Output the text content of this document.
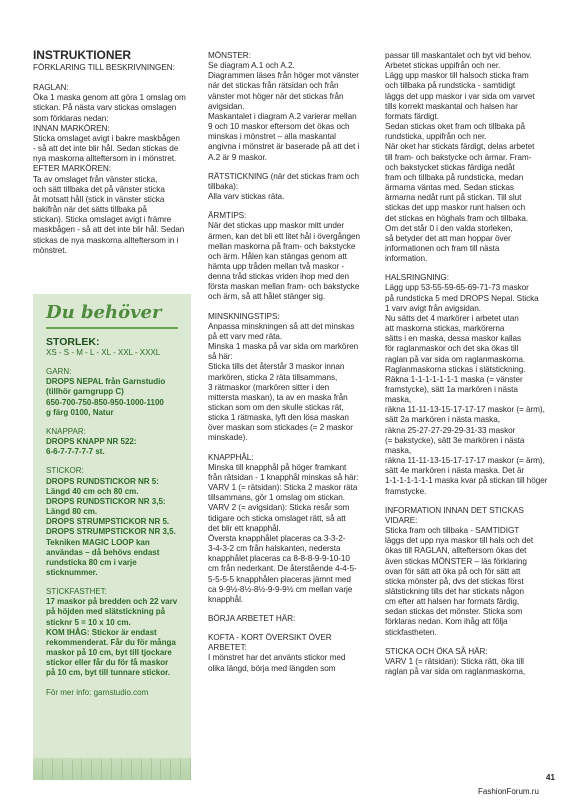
INSTRUKTIONER
FÖRKLARING TILL BESKRIVNINGEN:
RAGLAN:
Öka 1 maska genom att göra 1 omslag om
stickan. På nästa varv stickas omslagen
som förklaras nedan:
INNAN MARKÖREN:
Sticka omslaget avigt i bakre maskbågen
- så att det inte blir hål. Sedan stickas de
nya maskorna allteftersom in i mönstret.
EFTER MARKÖREN:
Ta av omslaget från vänster sticka,
och sätt tillbaka det på vänster sticka
åt motsatt håll (stick in vänster sticka
bakifrån när det sätts tillbaka på
stickan). Sticka omslaget avigt i främre
maskbågen - så att det inte blir hål. Sedan
stickas de nya maskorna allteftersom in i
mönstret.
Du behöver
STORLEK:
XS - S - M - L - XL - XXL - XXXL
GARN:
DROPS NEPAL från Garnstudio
(tillhör garngrupp C)
650-700-750-850-950-1000-1100
g färg 0100, Natur
KNAPPAR:
DROPS KNAPP NR 522:
6-6-7-7-7-7-7 st.
STICKOR:
DROPS RUNDSTICKOR NR 5:
Längd 40 cm och 80 cm.
DROPS RUNDSTICKOR NR 3,5:
Längd 80 cm.
DROPS STRUMPSTICKOR NR 5.
DROPS STRUMPSTICKOR NR 3,5.
Tekniken MAGIC LOOP kan
användas – då behövs endast
rundsticka 80 cm i varje
sticknummer.
STICKFASTHET:
17 maskor på bredden och 22 varv
på höjden med slätstickning på
sticknr 5 = 10 x 10 cm.
KOM IHÅG: Stickor är endast
rekommenderat. Får du för många
maskor på 10 cm, byt till tjockare
stickor eller får du för få maskor
på 10 cm, byt till tunnare stickor.
För mer info: garnstudio.com
MÖNSTER:
Se diagram A.1 och A.2.
Diagrammen läses från höger mot vänster
när det stickas från rätsidan och från
vänster mot höger när det stickas från
avigsidan.
Maskantalet i diagram A.2 varierar mellan
9 och 10 maskor eftersom det ökas och
minskas i mönstret – alla maskantal
angivna i mönstret är baserade på att det i
A.2 är 9 maskor.
RÄTSTICKNING (när det stickas fram och
tillbaka):
Alla varv stickas räta.
ÄRMTIPS:
När det stickas upp maskor mitt under
ärmen, kan det bli ett litet hål i övergången
mellan maskorna på fram- och bakstycke
och ärm. Hålen kan stängas genom att
hämta upp tråden mellan två maskor -
denna tråd stickas vriden ihop med den
första maskan mellan fram- och bakstycke
och ärm, så att hålet stänger sig.
MINSKNINGSTIPS:
Anpassa minskningen så att det minskas
på ett varv med räta.
Minska 1 maska på var sida om markören
så här:
Sticka tills det återstår 3 maskor innan
markören, sticka 2 räta tillsammans,
3 rätmaskor (markören sitter i den
mittersta maskan), ta av en maska från
stickan som om den skulle stickas rät,
sticka 1 rätmaska, lyft den lösa maskan
över maskan som stickades (= 2 maskor
minskade).
KNAPPHÅL:
Minska till knapphål på höger framkant
från rätsidan - 1 knapphål minskas så här:
VARV 1 (= rätsidan): Sticka 2 maskor räta
tillsammans, gör 1 omslag om stickan.
VARV 2 (= avigsidan): Sticka resår som
tidigare och sticka omslaget rätt, så att
det blir ett knapphål.
Översta knapphålet placeras ca 3-3-2-
3-4-3-2 cm från halskanten, nedersta
knapphålet placeras ca 8-8-8-9-9-10-10
cm från nederkant. De återstående 4-4-5-
5-5-5-5 knapphålen placeras jämnt med
ca 9-9½-8½-8½-9-9-9½ cm mellan varje
knapphål.
BÖRJA ARBETET HÄR:
KOFTA - KORT ÖVERSIKT ÖVER
ARBETET:
I mönstret har det använts stickor med
olika längd, börja med längden som
passar till maskantalet och byt vid behov.
Arbetet stickas uppifrån och ner.
Lägg upp maskor till halsoch sticka fram
och tillbaka på rundsticka - samtidigt
läggs det upp maskor i var sida om varvet
tills korrekt maskantal och halsen har
formats färdigt.
Sedan stickas oket fram och tillbaka på
rundsticka, uppifrån och ner.
När oket har stickats färdigt, delas arbetet
till fram- och bakstycke och ärmar. Fram-
och bakstycket stickas färdiga nedåt
fram och tillbaka på rundsticka, medan
ärmarna väntas med. Sedan stickas
ärmarna nedåt runt på stickan. Till slut
stickas det upp maskor runt halsen och
det stickas en höghals fram och tillbaka.
Om det står 0 i den valda storleken,
så betyder det att man hoppar över
informationen och fram till nästa
information.
HALSRINGNING:
Lägg upp 53-55-59-65-69-71-73 maskor
på rundsticka 5 med DROPS Nepal. Sticka
1 varv avigt från avigsidan.
Nu sätts det 4 markörer i arbetet utan
att maskorna stickas, markörerna
sätts i en maska, dessa maskor kallas
för raglanmaskor och det ska ökas till
raglan på var sida om raglanmaskorna.
Raglanmaskorna stickas i slätstickning.
Räkna 1-1-1-1-1-1-1 maska (= vänster
framstycke), sätt 1a markören i nästa
maska,
räkna 11-11-13-15-17-17-17 maskor (= ärm),
sätt 2a markören i nästa maska,
räkna 25-27-27-29-29-31-33 maskor
(= bakstycke), sätt 3e markören i nästa
maska,
räkna 11-11-13-15-17-17-17 maskor (= ärm),
sätt 4e markören i nästa maska. Det är
1-1-1-1-1-1-1 maska kvar på stickan till höger
framstycke.
INFORMATION INNAN DET STICKAS
VIDARE:
Sticka fram och tillbaka - SAMTIDIGT
läggs det upp nya maskor till hals och det
ökas till RAGLAN, allteftersom ökas det
även stickas MÖNSTER – läs förklaring
ovan för sätt att öka på och för sätt att
sticka mönster på, dvs det stickas först
slätstickning tills det har stickats någon
cm efter att halsen har formats färdig,
sedan stickas det mönster. Sticka som
förklaras nedan. Kom ihåg att följa
stickfastheten.
STICKA OCH ÖKA SÅ HÄR:
VARV 1 (= rätsidan): Sticka rätt, öka till
raglan på var sida om raglanmaskorna,
41
FashionForum.ru
